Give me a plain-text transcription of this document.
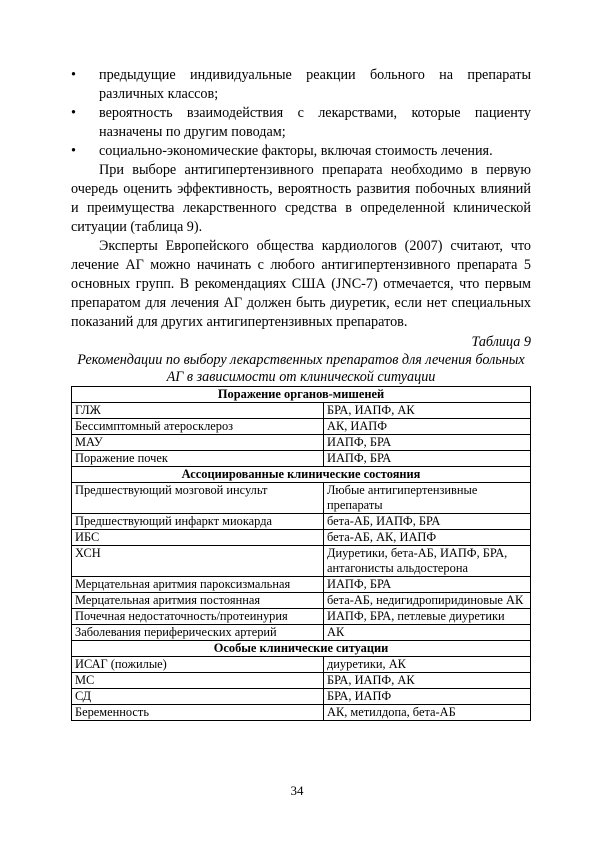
• предыдущие индивидуальные реакции больного на препараты различных классов;
• вероятность взаимодействия с лекарствами, которые пациенту назначены по другим поводам;
• социально-экономические факторы, включая стоимость лечения.

При выборе антигипертензивного препарата необходимо в первую очередь оценить эффективность, вероятность развития побочных влияний и преимущества лекарственного средства в определенной клинической ситуации (таблица 9).

Эксперты Европейского общества кардиологов (2007) считают, что лечение АГ можно начинать с любого антигипертензивного препарата 5 основных групп. В рекомендациях США (JNC-7) отмечается, что первым препаратом для лечения АГ должен быть диуретик, если нет специальных показаний для других антигипертензивных препаратов.

Таблица 9
Рекомендации по выбору лекарственных препаратов для лечения больных АГ в зависимости от клинической ситуации
Поражение органов-мишеней	
ГЛЖ	БРА, ИАПФ, АК
Бессимптомный атеросклероз	АК, ИАПФ
МАУ	ИАПФ, БРА
Поражение почек	ИАПФ, БРА
Ассоциированные клинические состояния	
Предшествующий мозговой инсульт	Любые антигипертензивные препараты
Предшествующий инфаркт миокарда	бета-АБ, ИАПФ, БРА
ИБС	бета-АБ, АК, ИАПФ
ХСН	Диуретики, бета-АБ, ИАПФ, БРА, антагонисты альдостерона
Мерцательная аритмия пароксизмальная	ИАПФ, БРА
Мерцательная аритмия постоянная	бета-АБ, недигидропиридиновые АК
Почечная недостаточность/протеинурия	ИАПФ, БРА, петлевые диуретики
Заболевания периферических артерий	АК
Особые клинические ситуации	
ИСАГ (пожилые)	диуретики, АК
МС	БРА, ИАПФ, АК
СД	БРА, ИАПФ
Беременность	АК, метилдопа, бета-АБ
34
